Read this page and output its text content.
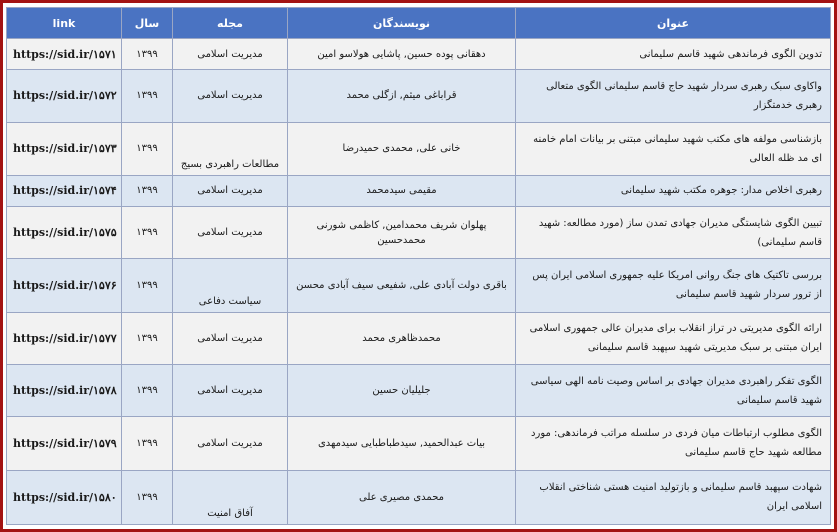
link	سال	مجله	نویسندگان	عنوان
https://sid.ir/۱۵۷۱	۱۳۹۹	مدیریت اسلامی	دهقانی پوده حسین, پاشایی هولاسو امین	تدوین الگوی فرماندهی شهید قاسم سلیمانی
https://sid.ir/۱۵۷۲	۱۳۹۹	مدیریت اسلامی	قراباغی میثم, ازگلی محمد	واکاوی سبک رهبری سردار شهید حاج قاسم سلیمانی الگوی متعالی رهبری خدمتگزار
https://sid.ir/۱۵۷۳	۱۳۹۹	مطالعات راهبردی بسیج	خانی علی, محمدی حمیدرضا	بازشناسی مولفه های مکتب شهید سلیمانی مبتنی بر بیانات امام خامنه ای مد ظله العالی
https://sid.ir/۱۵۷۴	۱۳۹۹	مدیریت اسلامی	مقیمی سیدمحمد	رهبری اخلاص مدار: جوهره مکتب شهید سلیمانی
https://sid.ir/۱۵۷۵	۱۳۹۹	مدیریت اسلامی	پهلوان شریف محمدامین, کاظمی شورنی محمدحسین	تبیین الگوی شایستگی مدیران جهادی تمدن ساز (مورد مطالعه: شهید قاسم سلیمانی)
https://sid.ir/۱۵۷۶	۱۳۹۹	سیاست دفاعی	باقری دولت آبادی علی, شفیعی سیف آبادی محسن	بررسی تاکتیک های جنگ روانی امریکا علیه جمهوری اسلامی ایران پس از ترور سردار شهید قاسم سلیمانی
https://sid.ir/۱۵۷۷	۱۳۹۹	مدیریت اسلامی	محمدظاهری محمد	ارائه الگوی مدیریتی در تراز انقلاب برای مدیران عالی جمهوری اسلامی ایران مبتنی بر سبک مدیریتی شهید سپهبد قاسم سلیمانی
https://sid.ir/۱۵۷۸	۱۳۹۹	مدیریت اسلامی	جلیلیان حسین	الگوی تفکر راهبردی مدیران جهادی بر اساس وصیت نامه الهی سیاسی شهید قاسم سلیمانی
https://sid.ir/۱۵۷۹	۱۳۹۹	مدیریت اسلامی	بیات عبدالحمید, سیدطباطبایی سیدمهدی	الگوی مطلوب ارتباطات میان فردی در سلسله مراتب فرماندهی: مورد مطالعه شهید حاج قاسم سلیمانی
https://sid.ir/۱۵۸۰	۱۳۹۹	آفاق امنیت	محمدی مصیری علی	شهادت سپهبد قاسم سلیمانی و بازتولید امنیت هستی شناختی انقلاب اسلامی ایران
